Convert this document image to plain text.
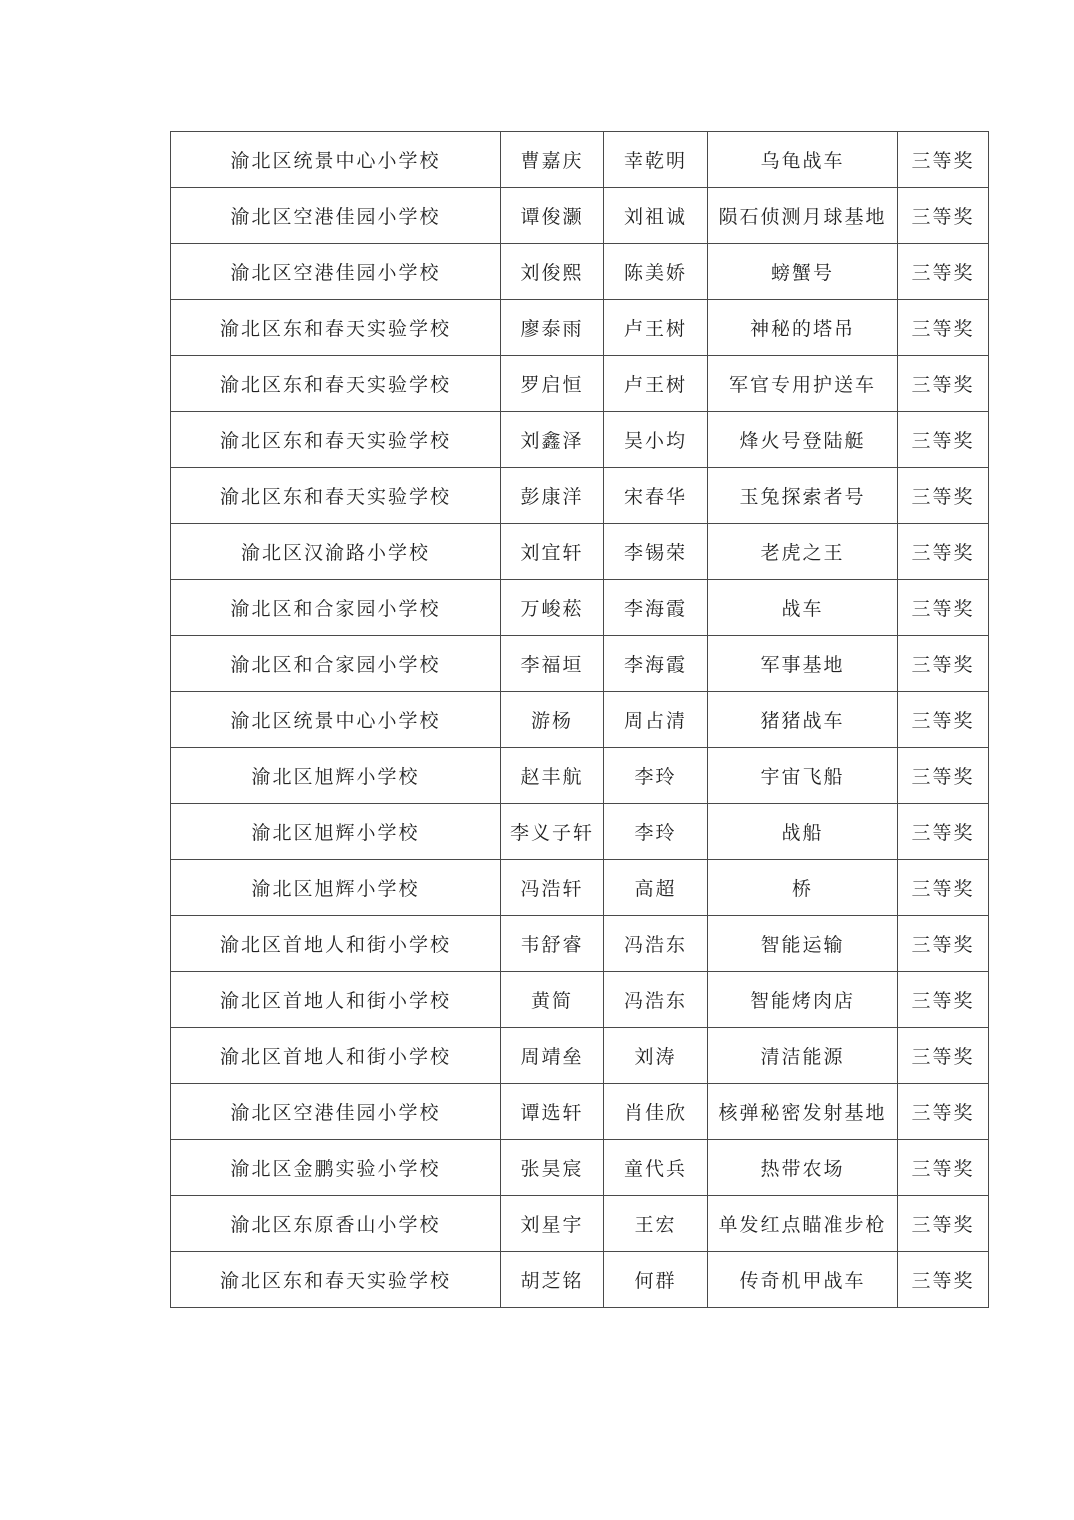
渝北区统景中心小学校	曹嘉庆	幸乾明	乌龟战车	三等奖
渝北区空港佳园小学校	谭俊灏	刘祖诚	陨石侦测月球基地	三等奖
渝北区空港佳园小学校	刘俊熙	陈美娇	螃蟹号	三等奖
渝北区东和春天实验学校	廖泰雨	卢王树	神秘的塔吊	三等奖
渝北区东和春天实验学校	罗启恒	卢王树	军官专用护送车	三等奖
渝北区东和春天实验学校	刘鑫泽	吴小均	烽火号登陆艇	三等奖
渝北区东和春天实验学校	彭康洋	宋春华	玉兔探索者号	三等奖
渝北区汉渝路小学校	刘宜轩	李锡荣	老虎之王	三等奖
渝北区和合家园小学校	万峻菘	李海霞	战车	三等奖
渝北区和合家园小学校	李福垣	李海霞	军事基地	三等奖
渝北区统景中心小学校	游杨	周占清	猪猪战车	三等奖
渝北区旭辉小学校	赵丰航	李玲	宇宙飞船	三等奖
渝北区旭辉小学校	李义子轩	李玲	战船	三等奖
渝北区旭辉小学校	冯浩轩	高超	桥	三等奖
渝北区首地人和街小学校	韦舒睿	冯浩东	智能运输	三等奖
渝北区首地人和街小学校	黄简	冯浩东	智能烤肉店	三等奖
渝北区首地人和街小学校	周靖垒	刘涛	清洁能源	三等奖
渝北区空港佳园小学校	谭选轩	肖佳欣	核弹秘密发射基地	三等奖
渝北区金鹏实验小学校	张昊宸	童代兵	热带农场	三等奖
渝北区东原香山小学校	刘星宇	王宏	单发红点瞄准步枪	三等奖
渝北区东和春天实验学校	胡芝铭	何群	传奇机甲战车	三等奖
